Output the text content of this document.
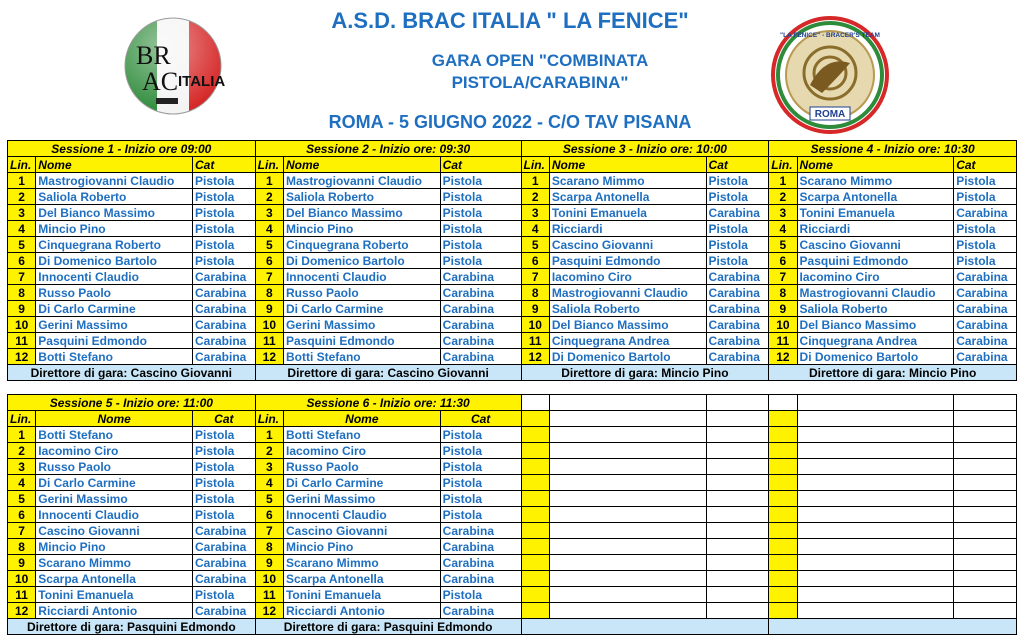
BR
AC ITALIA
A.S.D. BRAC ITALIA " LA FENICE"
GARA OPEN "COMBINATA
PISTOLA/CARABINA"
ROMA - 5 GIUGNO 2022 - C/O TAV PISANA
"LA FENICE" - BRACER'S TEAM
ROMA
Sessione 1 - Inizio ore 09:00			Sessione 2 - Inizio ore: 09:30			Sessione 3 - Inizio ore: 10:00			Sessione 4 - Inizio ore: 10:30		
Lin.	Nome	Cat	Lin.	Nome	Cat	Lin.	Nome	Cat	Lin.	Nome	Cat
1	Mastrogiovanni Claudio	Pistola	1	Mastrogiovanni Claudio	Pistola	1	Scarano Mimmo	Pistola	1	Scarano Mimmo	Pistola
2	Saliola Roberto	Pistola	2	Saliola Roberto	Pistola	2	Scarpa Antonella	Pistola	2	Scarpa Antonella	Pistola
3	Del Bianco Massimo	Pistola	3	Del Bianco Massimo	Pistola	3	Tonini Emanuela	Carabina	3	Tonini Emanuela	Carabina
4	Mincio Pino	Pistola	4	Mincio Pino	Pistola	4	Ricciardi	Pistola	4	Ricciardi	Pistola
5	Cinquegrana Roberto	Pistola	5	Cinquegrana Roberto	Pistola	5	Cascino Giovanni	Pistola	5	Cascino Giovanni	Pistola
6	Di Domenico Bartolo	Pistola	6	Di Domenico Bartolo	Pistola	6	Pasquini Edmondo	Pistola	6	Pasquini Edmondo	Pistola
7	Innocenti Claudio	Carabina	7	Innocenti Claudio	Carabina	7	Iacomino Ciro	Carabina	7	Iacomino Ciro	Carabina
8	Russo Paolo	Carabina	8	Russo Paolo	Carabina	8	Mastrogiovanni Claudio	Carabina	8	Mastrogiovanni Claudio	Carabina
9	Di Carlo Carmine	Carabina	9	Di Carlo Carmine	Carabina	9	Saliola Roberto	Carabina	9	Saliola Roberto	Carabina
10	Gerini Massimo	Carabina	10	Gerini Massimo	Carabina	10	Del Bianco Massimo	Carabina	10	Del Bianco Massimo	Carabina
11	Pasquini Edmondo	Carabina	11	Pasquini Edmondo	Carabina	11	Cinquegrana Andrea	Carabina	11	Cinquegrana Andrea	Carabina
12	Botti Stefano	Carabina	12	Botti Stefano	Carabina	12	Di Domenico Bartolo	Carabina	12	Di Domenico Bartolo	Carabina
Direttore di gara: Cascino Giovanni			Direttore di gara: Cascino Giovanni			Direttore di gara: Mincio Pino			Direttore di gara: Mincio Pino		
Sessione 5 - Inizio ore: 11:00			Sessione 6 - Inizio ore: 11:30								
Lin.	Nome	Cat	Lin.	Nome	Cat						
1	Botti Stefano	Pistola	1	Botti Stefano	Pistola						
2	Iacomino Ciro	Pistola	2	Iacomino Ciro	Pistola						
3	Russo Paolo	Pistola	3	Russo Paolo	Pistola						
4	Di Carlo Carmine	Pistola	4	Di Carlo Carmine	Pistola						
5	Gerini Massimo	Pistola	5	Gerini Massimo	Pistola						
6	Innocenti Claudio	Pistola	6	Innocenti Claudio	Pistola						
7	Cascino Giovanni	Carabina	7	Cascino Giovanni	Carabina						
8	Mincio Pino	Carabina	8	Mincio Pino	Carabina						
9	Scarano Mimmo	Carabina	9	Scarano Mimmo	Carabina						
10	Scarpa Antonella	Carabina	10	Scarpa Antonella	Carabina						
11	Tonini Emanuela	Pistola	11	Tonini Emanuela	Pistola						
12	Ricciardi Antonio	Carabina	12	Ricciardi Antonio	Carabina						
Direttore di gara: Pasquini Edmondo			Direttore di gara: Pasquini Edmondo								
